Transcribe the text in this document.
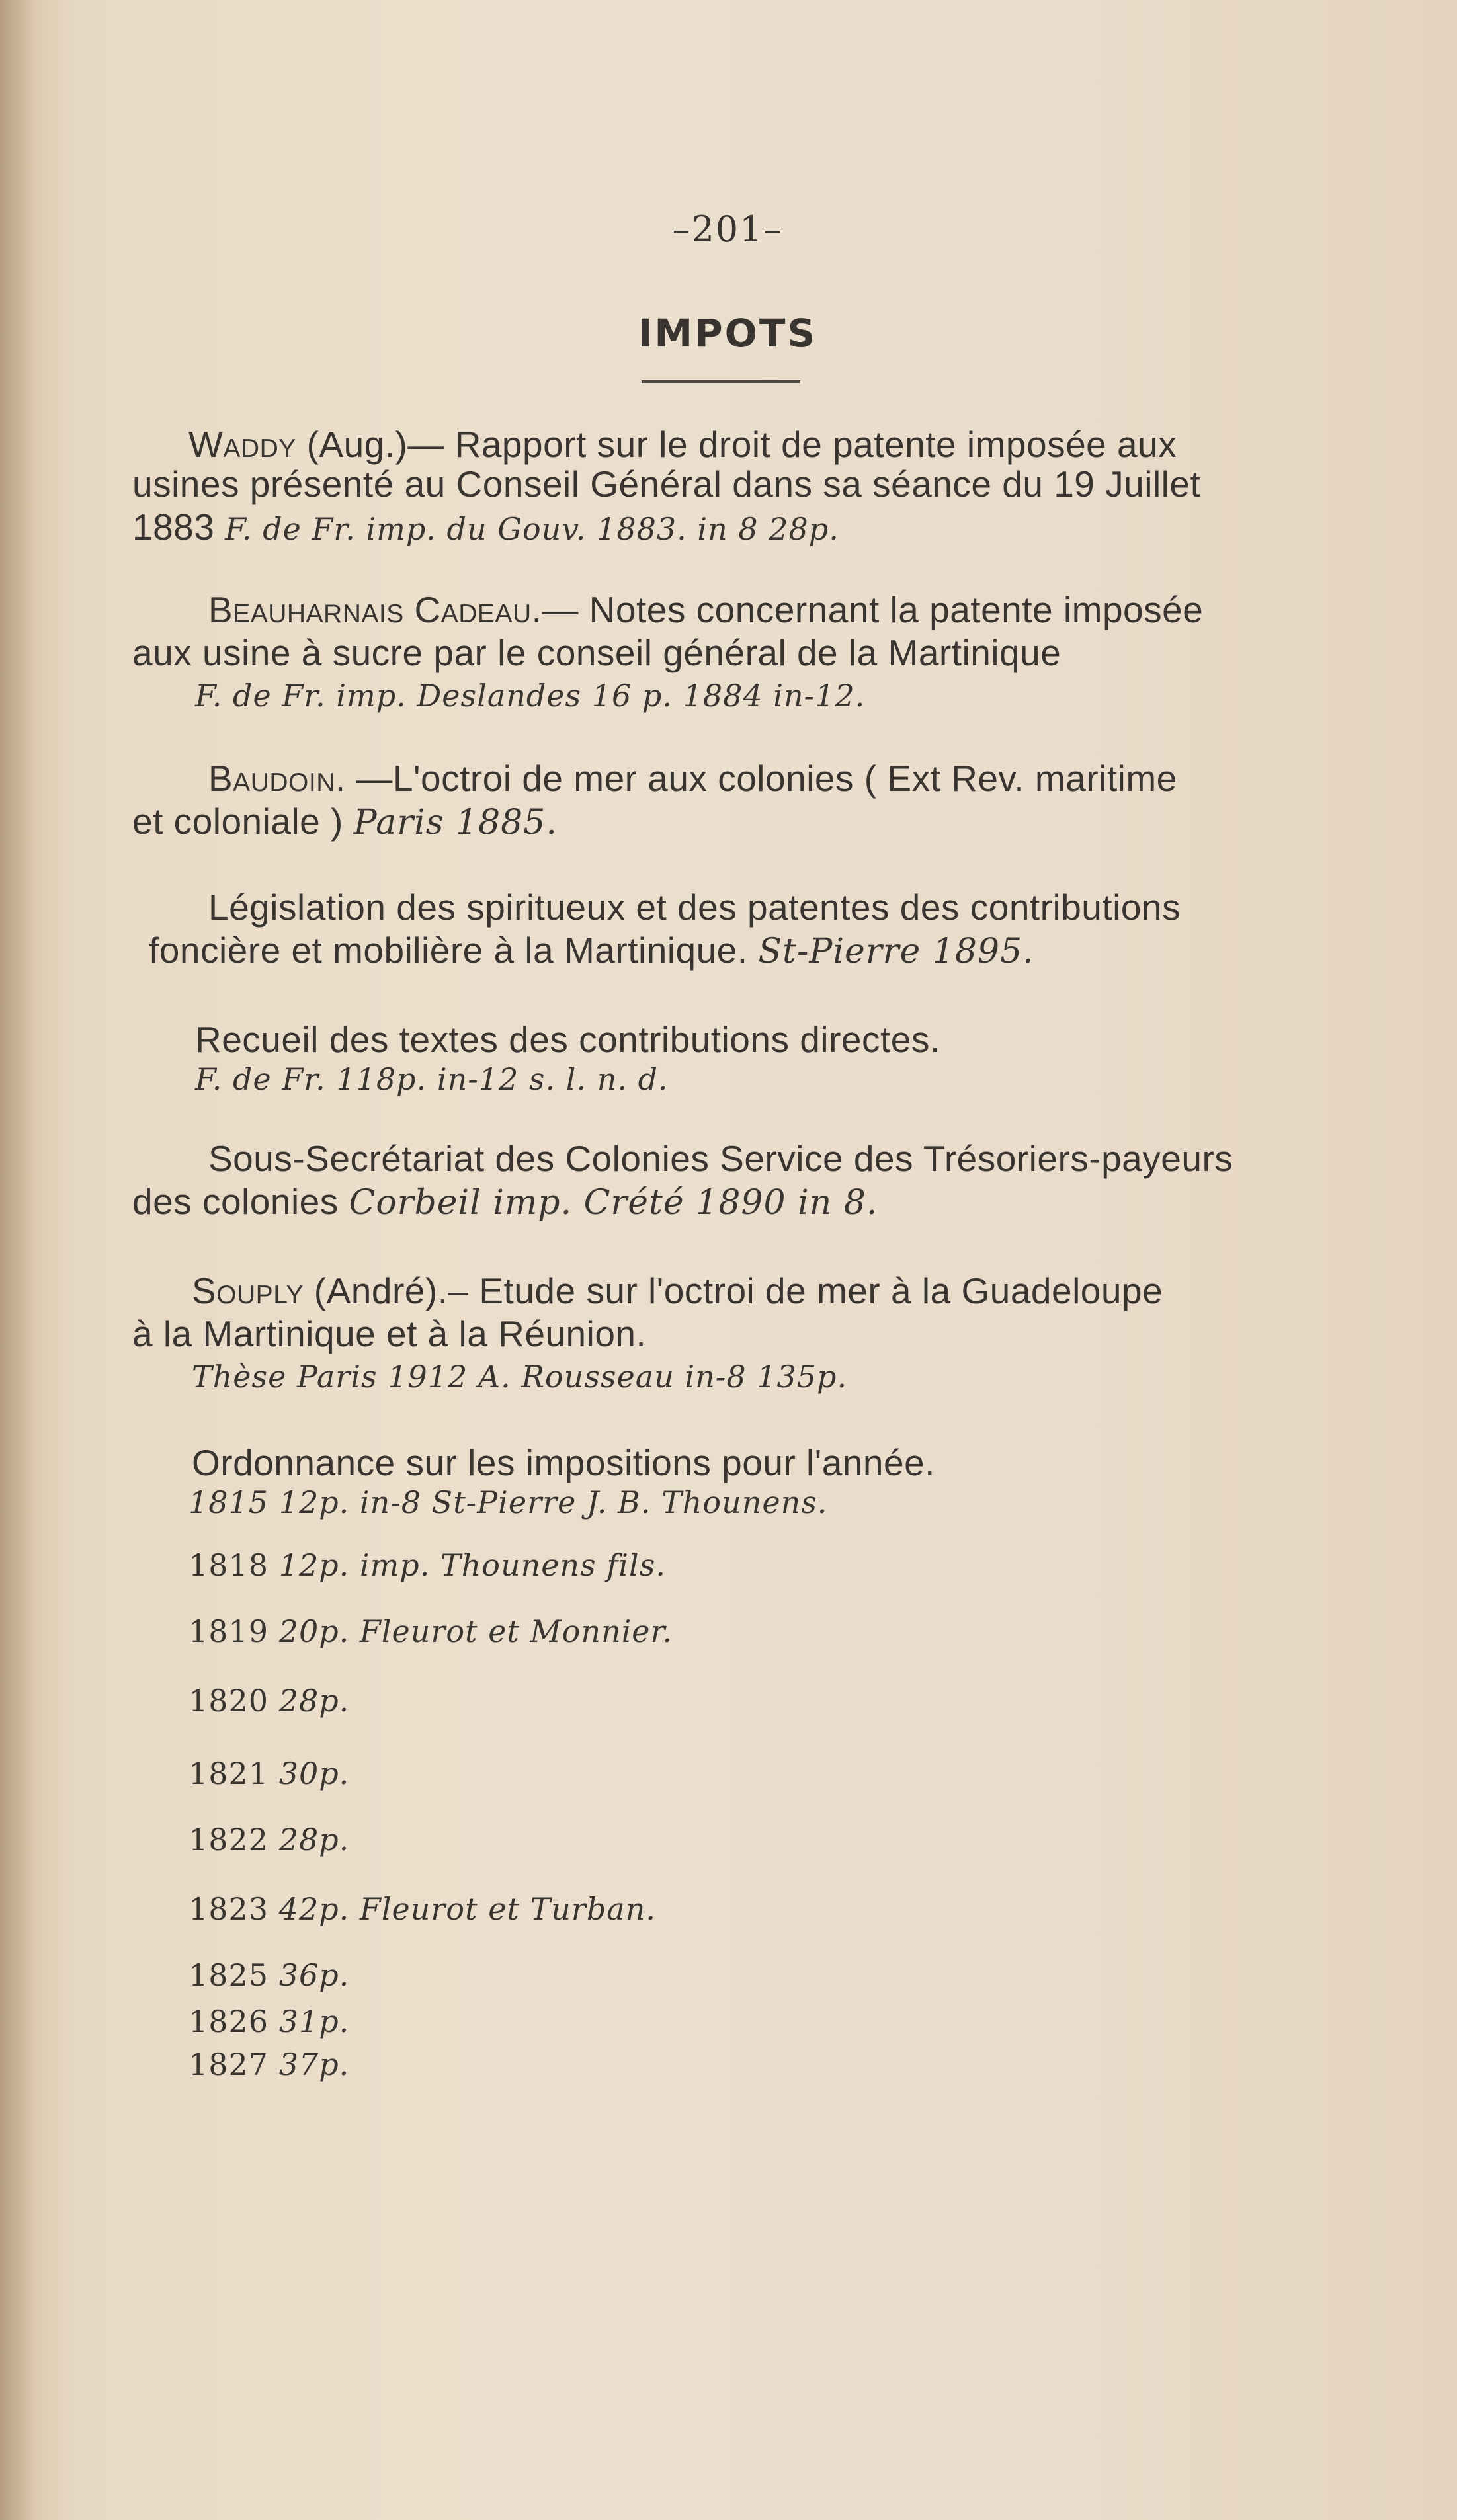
–201–
IMPOTS
Waddy (Aug.)— Rapport sur le droit de patente imposée aux
usines présenté au Conseil Général dans sa séance du 19 Juillet
1883 F. de Fr. imp. du Gouv. 1883. in 8 28p.
Beauharnais Cadeau.— Notes concernant la patente imposée
aux usine à sucre par le conseil général de la Martinique
F. de Fr. imp. Deslandes 16 p. 1884 in-12.
Baudoin. —L'octroi de mer aux colonies ( Ext Rev. maritime
et coloniale ) Paris 1885.
Législation des spiritueux et des patentes des contributions
foncière et mobilière à la Martinique. St-Pierre 1895.
Recueil des textes des contributions directes.
F. de Fr. 118p. in-12 s. l. n. d.
Sous-Secrétariat des Colonies Service des Trésoriers-payeurs
des colonies Corbeil imp. Crété 1890 in 8.
Souply (André).– Etude sur l'octroi de mer à la Guadeloupe
à la Martinique et à la Réunion.
Thèse Paris 1912 A. Rousseau in-8 135p.
Ordonnance sur les impositions pour l'année.
1815 12p. in-8 St-Pierre J. B. Thounens.
1818 12p. imp. Thounens fils.
1819 20p. Fleurot et Monnier.
1820 28p.
1821 30p.
1822 28p.
1823 42p. Fleurot et Turban.
1825 36p.
1826 31p.
1827 37p.
